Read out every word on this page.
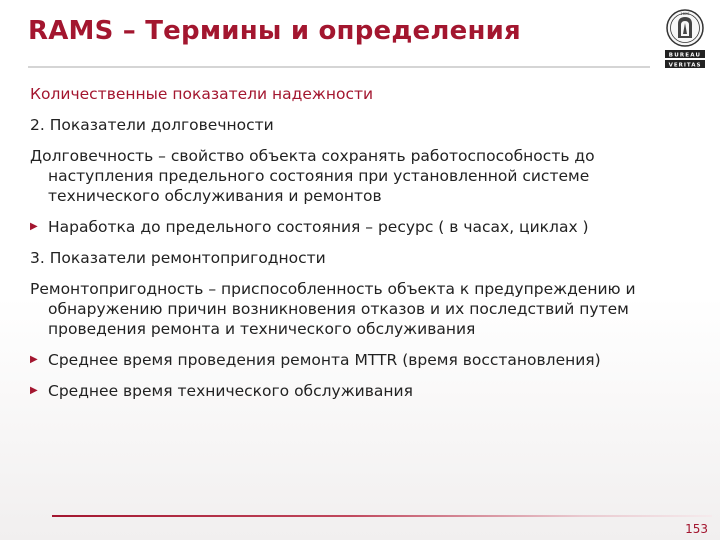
RAMS – Термины и определения
1828
BUREAU
VERITAS

Количественные показатели надежности

2. Показатели долговечности

Долговечность – свойство объекта сохранять работоспособность до наступления предельного состояния при установленной системе технического обслуживания и ремонтов

▶ Наработка до предельного состояния – ресурс ( в часах, циклах )

3. Показатели ремонтопригодности

Ремонтопригодность – приспособленность объекта к предупреждению и обнаружению причин возникновения отказов и их последствий путем проведения ремонта и технического обслуживания

▶ Среднее время проведения ремонта MTTR (время восстановления)
▶ Среднее время технического обслуживания
153
